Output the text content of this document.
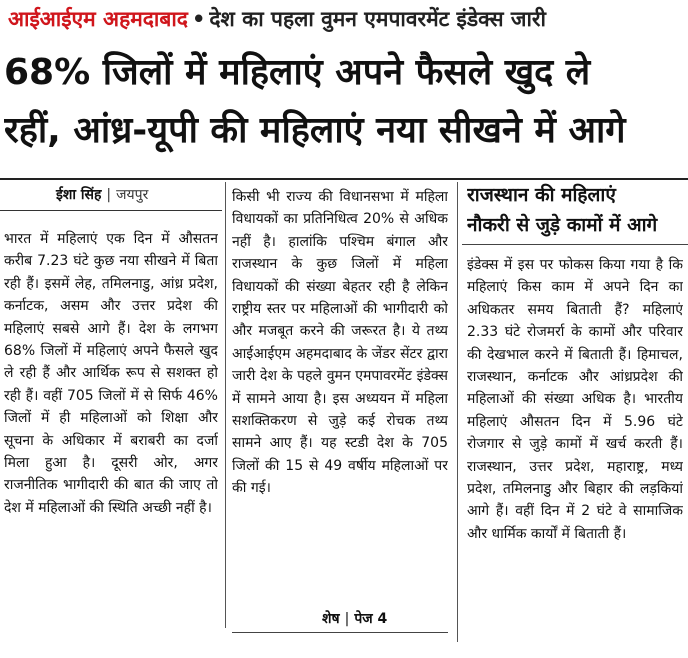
आईआईएम अहमदाबाद • देश का पहला वुमन एमपावरमेंट इंडेक्स जारी
68% जिलों में महिलाएं अपने फैसले खुद ले
रहीं, आंध्र-यूपी की महिलाएं नया सीखने में आगे
ईशा सिंह | जयपुर
भारत में महिलाएं एक दिन में औसतन करीब 7.23 घंटे कुछ नया सीखने में बिता रही हैं। इसमें लेह, तमिलनाडु, आंध्र प्रदेश, कर्नाटक, असम और उत्तर प्रदेश की महिलाएं सबसे आगे हैं। देश के लगभग 68% जिलों में महिलाएं अपने फैसले खुद ले रही हैं और आर्थिक रूप से सशक्त हो रही हैं। वहीं 705 जिलों में से सिर्फ 46% जिलों में ही महिलाओं को शिक्षा और सूचना के अधिकार में बराबरी का दर्जा मिला हुआ है। दूसरी ओर, अगर राजनीतिक भागीदारी की बात की जाए तो देश में महिलाओं की स्थिति अच्छी नहीं है।
किसी भी राज्य की विधानसभा में महिला विधायकों का प्रतिनिधित्व 20% से अधिक नहीं है। हालांकि पश्चिम बंगाल और राजस्थान के कुछ जिलों में महिला विधायकों की संख्या बेहतर रही है लेकिन राष्ट्रीय स्तर पर महिलाओं की भागीदारी को और मजबूत करने की जरूरत है। ये तथ्य आईआईएम अहमदाबाद के जेंडर सेंटर द्वारा जारी देश के पहले वुमन एमपावरमेंट इंडेक्स में सामने आया है। इस अध्ययन में महिला सशक्तिकरण से जुड़े कई रोचक तथ्य सामने आए हैं। यह स्टडी देश के 705 जिलों की 15 से 49 वर्षीय महिलाओं पर की गई।
शेष | पेज 4
राजस्थान की महिलाएं
नौकरी से जुड़े कामों में आगे
इंडेक्स में इस पर फोकस किया गया है कि महिलाएं किस काम में अपने दिन का अधिकतर समय बिताती हैं? महिलाएं 2.33 घंटे रोजमर्रा के कामों और परिवार की देखभाल करने में बिताती हैं। हिमाचल, राजस्थान, कर्नाटक और आंध्रप्रदेश की महिलाओं की संख्या अधिक है। भारतीय महिलाएं औसतन दिन में 5.96 घंटे रोजगार से जुड़े कामों में खर्च करती हैं। राजस्थान, उत्तर प्रदेश, महाराष्ट्र, मध्य प्रदेश, तमिलनाडु और बिहार की लड़कियां आगे हैं। वहीं दिन में 2 घंटे वे सामाजिक और धार्मिक कार्यों में बिताती हैं।
